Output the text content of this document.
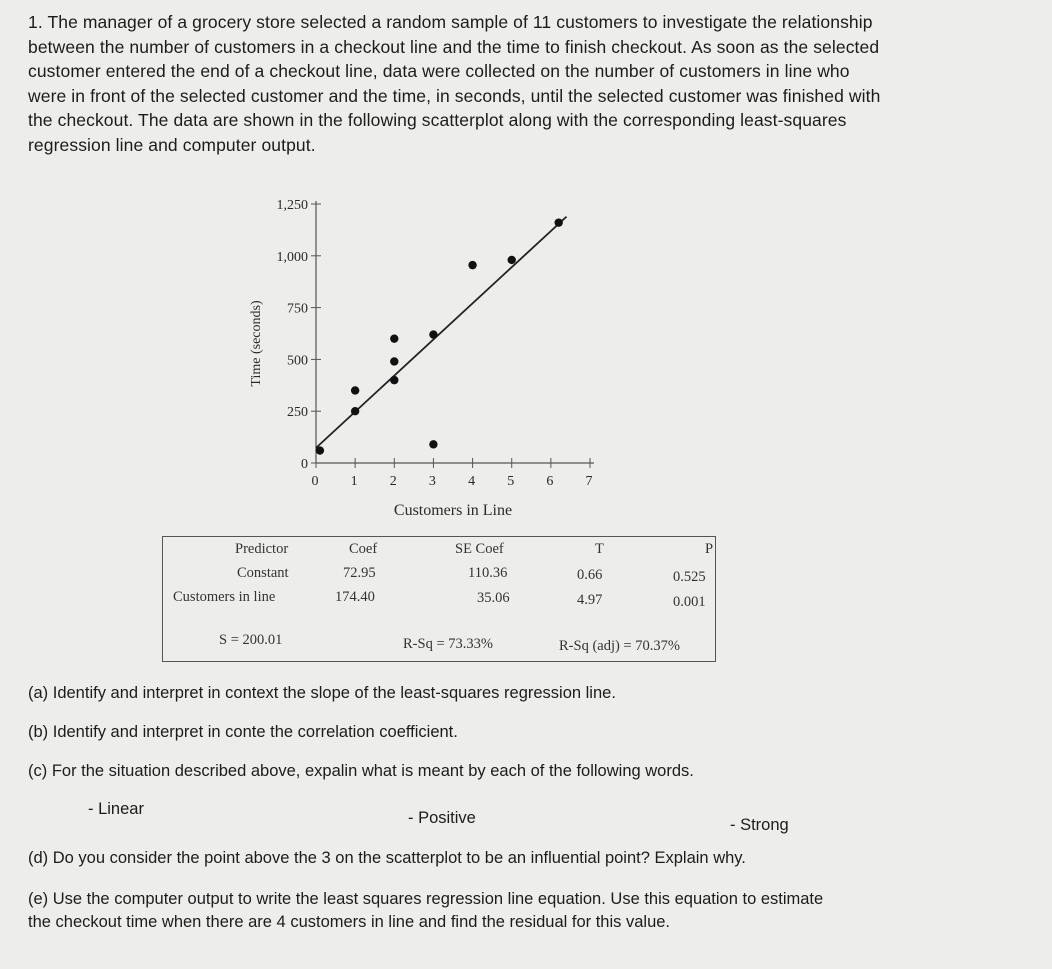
1. The manager of a grocery store selected a random sample of 11 customers to investigate the relationship
between the number of customers in a checkout line and the time to finish checkout. As soon as the selected
customer entered the end of a checkout line, data were collected on the number of customers in line who
were in front of the selected customer and the time, in seconds, until the selected customer was finished with
the checkout. The data are shown in the following scatterplot along with the corresponding least-squares
regression line and computer output.
0 1 2 3 4 5 6 7
0
250
500
750
1,000
1,250
Customers in Line
Time (seconds)
Predictor	Coef	SE Coef	T	P
Constant	72.95	110.36	0.66	0.525
Customers in line	174.40	35.06	4.97	0.001
S = 200.01	R-Sq = 73.33%	R-Sq (adj) = 70.37%
(a) Identify and interpret in context the slope of the least-squares regression line.
(b) Identify and interpret in conte the correlation coefficient.
(c) For the situation described above, expalin what is meant by each of the following words.
- Linear	- Positive	- Strong
(d) Do you consider the point above the 3 on the scatterplot to be an influential point? Explain why.
(e) Use the computer output to write the least squares regression line equation. Use this equation to estimate
the checkout time when there are 4 customers in line and find the residual for this value.
